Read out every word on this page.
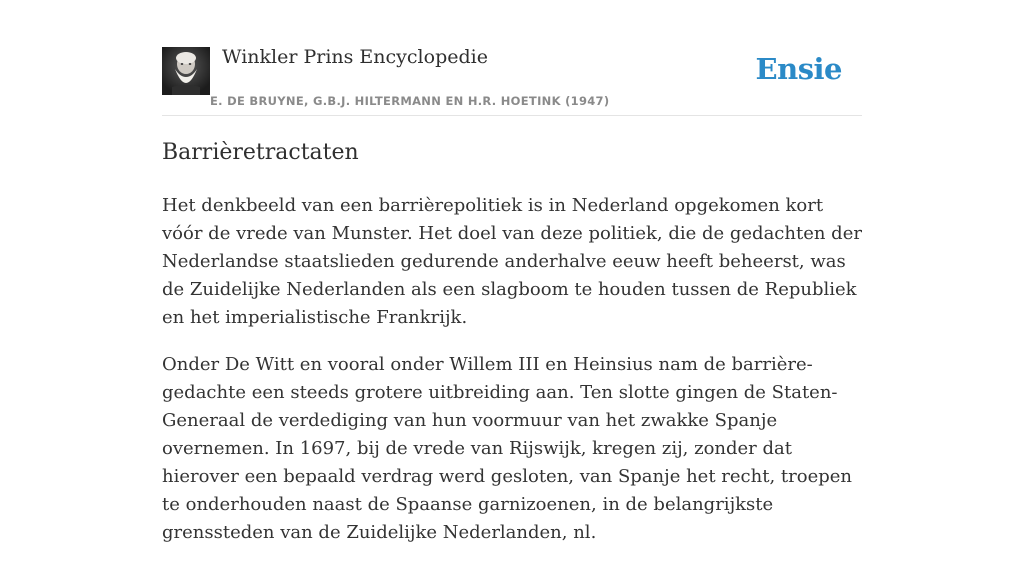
Winkler Prins Encyclopedie
E. DE BRUYNE, G.B.J. HILTERMANN EN H.R. HOETINK (1947)
Ensie
Barrièretractaten

Het denkbeeld van een barrièrepolitiek is in Nederland opgekomen kort vóór de vrede van Munster. Het doel van deze politiek, die de gedachten der Nederlandse staatslieden gedurende anderhalve eeuw heeft beheerst, was de Zuidelijke Nederlanden als een slagboom te houden tussen de Republiek en het imperialistische Frankrijk.

Onder De Witt en vooral onder Willem III en Heinsius nam de barrière-gedachte een steeds grotere uitbreiding aan. Ten slotte gingen de Staten-Generaal de verdediging van hun voormuur van het zwakke Spanje overnemen. In 1697, bij de vrede van Rijswijk, kregen zij, zonder dat hierover een bepaald verdrag werd gesloten, van Spanje het recht, troepen te onderhouden naast de Spaanse garnizoenen, in de belangrijkste grenssteden van de Zuidelijke Nederlanden, nl.
